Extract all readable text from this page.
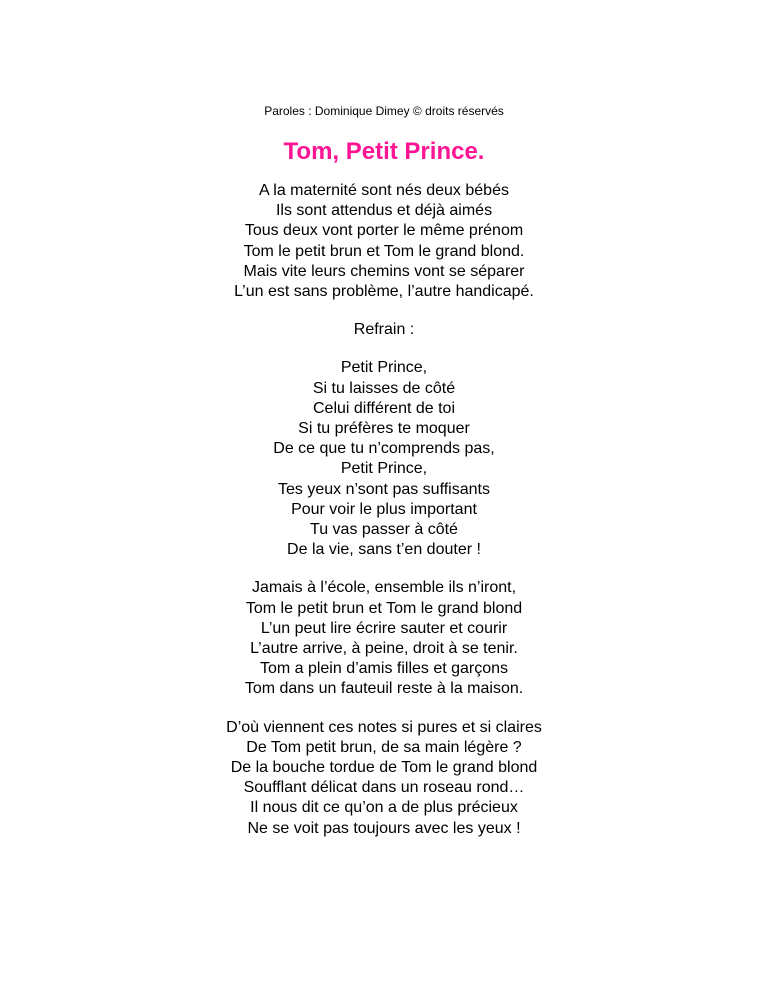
Paroles : Dominique Dimey © droits réservés
Tom, Petit Prince.
A la maternité sont nés deux bébés
Ils sont attendus et déjà aimés
Tous deux vont porter le même prénom
Tom le petit brun et Tom le grand blond.
Mais vite leurs chemins vont se séparer
L’un est sans problème, l’autre handicapé.
Refrain :
Petit Prince,
Si tu laisses de côté
Celui différent de toi
Si tu préfères te moquer
De ce que tu n’comprends pas,
Petit Prince,
Tes yeux n’sont pas suffisants
Pour voir le plus important
Tu vas passer à côté
De la vie, sans t’en douter !
Jamais à l’école, ensemble ils n’iront,
Tom le petit brun et Tom le grand blond
L’un peut lire écrire sauter et courir
L’autre arrive, à peine, droit à se tenir.
Tom a plein d’amis filles et garçons
Tom dans un fauteuil reste à la maison.
D’où viennent ces notes si pures et si claires
De Tom petit brun, de sa main légère ?
De la bouche tordue de Tom le grand blond
Soufflant délicat dans un roseau rond…
Il nous dit ce qu’on a de plus précieux
Ne se voit pas toujours avec les yeux !
